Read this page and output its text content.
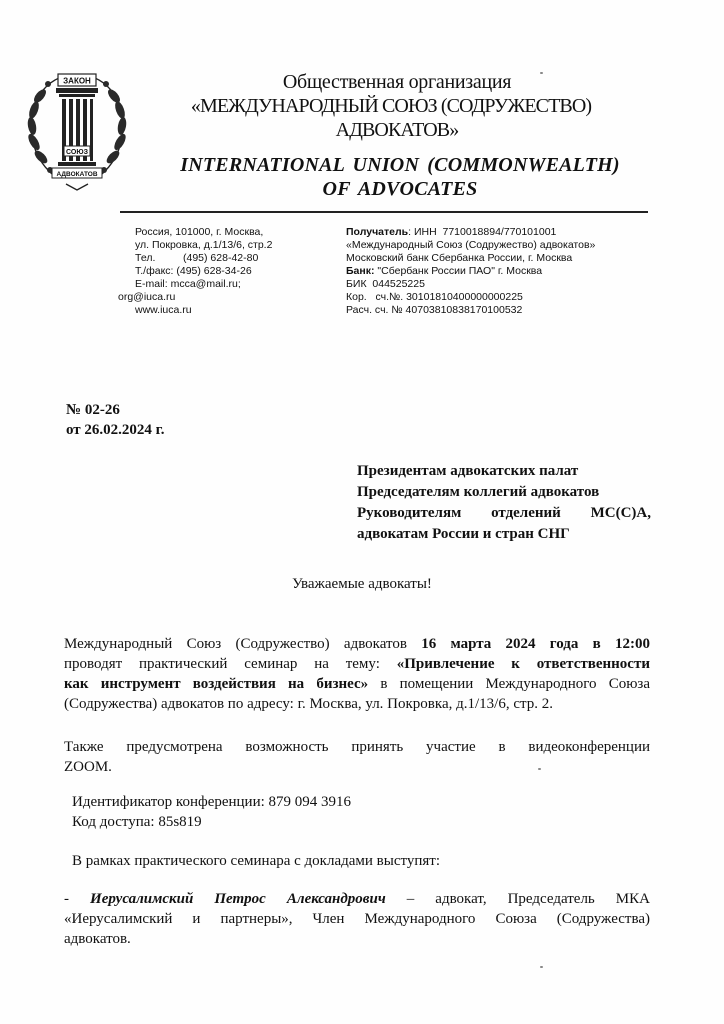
ЗАКОН
СОЮЗ
АДВОКАТОВ
Общественная организация
«МЕЖДУНАРОДНЫЙ СОЮЗ (СОДРУЖЕСТВО)
АДВОКАТОВ»
INTERNATIONAL UNION (COMMONWEALTH)
OF ADVOCATES

Россия, 101000, г. Москва,

ул. Покровка, д.1/13/6, стр.2

Тел.

	(495) 628-42-80

Т./факс: (495) 628-34-26

E-mail: mcca@mail.ru;

org@iuca.ru

www.iuca.ru

Получатель: ИНН  7710018894/770101001

«Международный Союз (Содружество) адвокатов»

Московский банк Сбербанка России, г. Москва

Банк: "Сбербанк России ПАО" г. Москва

БИК  044525225

Кор.   сч.№. 30101810400000000225

Расч. сч. № 40703810838170100532

№ 02-26
от 26.02.2024 г.
Президентам адвокатских палат
Председателям коллегий адвокатов
Руководителям отделений МС(С)А,
адвокатам России и стран СНГ
Уважаемые адвокаты!
Международный Союз (Содружество) адвокатов 16 марта 2024 года в 12:00
проводят практический семинар на тему: «Привлечение к ответственности
как инструмент воздействия на бизнес» в помещении Международного Союза
(Содружества) адвокатов по адресу: г. Москва, ул. Покровка, д.1/13/6, стр. 2.
Также предусмотрена возможность принять участие в видеоконференции
ZOOM.
Идентификатор конференции: 879 094 3916
Код доступа: 85s819
В рамках практического семинара с докладами выступят:
- Иерусалимский Петрос Александрович – адвокат, Председатель МКА
«Иерусалимский и партнеры», Член Международного Союза (Содружества)
адвокатов.
